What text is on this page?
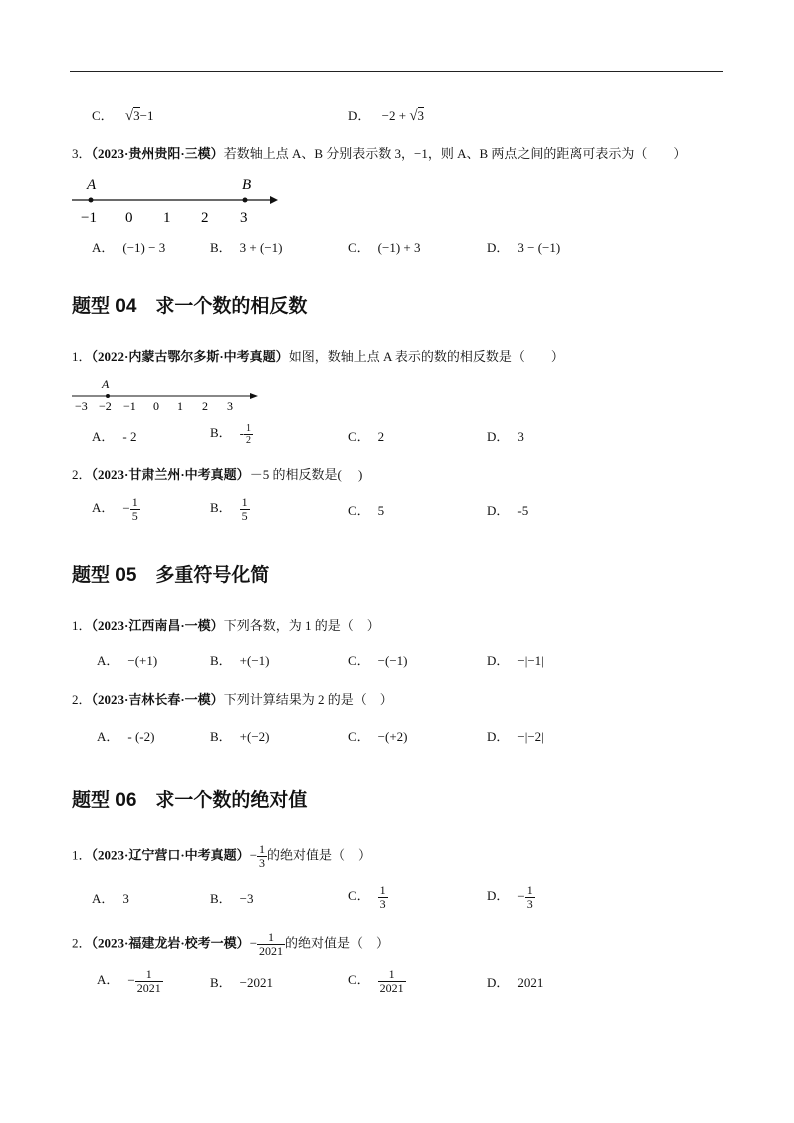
C． √3−1	D． −2 + √3
3．（2023·贵州贵阳·三模）若数轴上点 A、B 分别表示数 3，−1，则 A、B 两点之间的距离可表示为（　　）
A	B
−1 0 1 2 3
A． (−1) − 3	B． 3 + (−1)	C． (−1) + 3	D． 3 − (−1)
题型 04　求一个数的相反数
1．（2022·内蒙古鄂尔多斯·中考真题）如图，数轴上点 A 表示的数的相反数是（　　）
A
−3 −2 −1 0 1 2 3
A． - 2	B． - $\frac{1}{2}$	C． 2	D． 3
2．（2023·甘肃兰州·中考真题）－5 的相反数是(　 )
A． − $\frac{1}{5}$	B． $\frac{1}{5}$	C． 5	D． -5
题型 05　多重符号化简
1．（2023·江西南昌·一模）下列各数，为 1 的是（　）
A． −(+1)	B． +(−1)	C． −(−1)	D． −|−1|
2．（2023·吉林长春·一模）下列计算结果为 2 的是（　）
A． - (-2)	B． +(−2)	C． −(+2)	D． −|−2|
题型 06　求一个数的绝对值
1．（2023·辽宁营口·中考真题）− $\frac{1}{3}$ 的绝对值是（　）
A． 3	B． −3	C． $\frac{1}{3}$	D． − $\frac{1}{3}$
2．（2023·福建龙岩·校考一模）− $\frac{1}{2021}$ 的绝对值是（　）
A． − $\frac{1}{2021}$	B． −2021	C． $\frac{1}{2021}$	D． 2021
